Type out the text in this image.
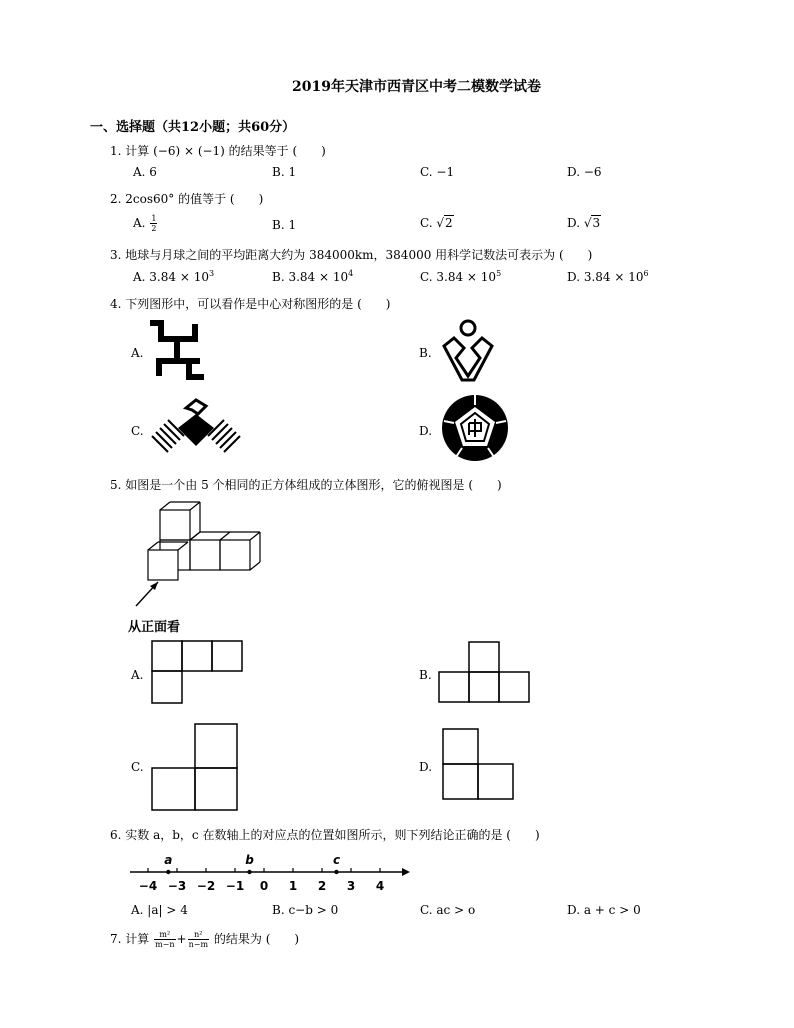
2019年天津市西青区中考二模数学试卷
一、选择题（共12小题；共60分）
1. 计算 (−6) × (−1) 的结果等于 (　　)
A. 6	B. 1	C. −1	D. −6
2. 2cos60° 的值等于 (　　)
A. $\frac{1}{2}$	B. 1	C. √2	D. √3
3. 地球与月球之间的平均距离大约为 384000km，384000 用科学记数法可表示为 (　　)
A. $3.84 \times 10^3$	B. $3.84 \times 10^4$	C. $3.84 \times 10^5$	D. $3.84 \times 10^6$
4. 下列图形中，可以看作是中心对称图形的是 (　　)
A.	B.
C.	D.
5. 如图是一个由 5 个相同的正方体组成的立体图形，它的俯视图是 (　　)
从正面看
A.	B.
C.	D.
6. 实数 a，b，c 在数轴上的对应点的位置如图所示，则下列结论正确的是 (　　)
−4 −3 −2 −1 0 1 2 3 4
a	b	c
A. |a| > 4	B. c−b > 0	C. ac > o	D. a + c > 0
7. 计算 $\frac{\text{m²}}{m-n} + \frac{\text{n²}}{n-m}$ 的结果为 (　　)
